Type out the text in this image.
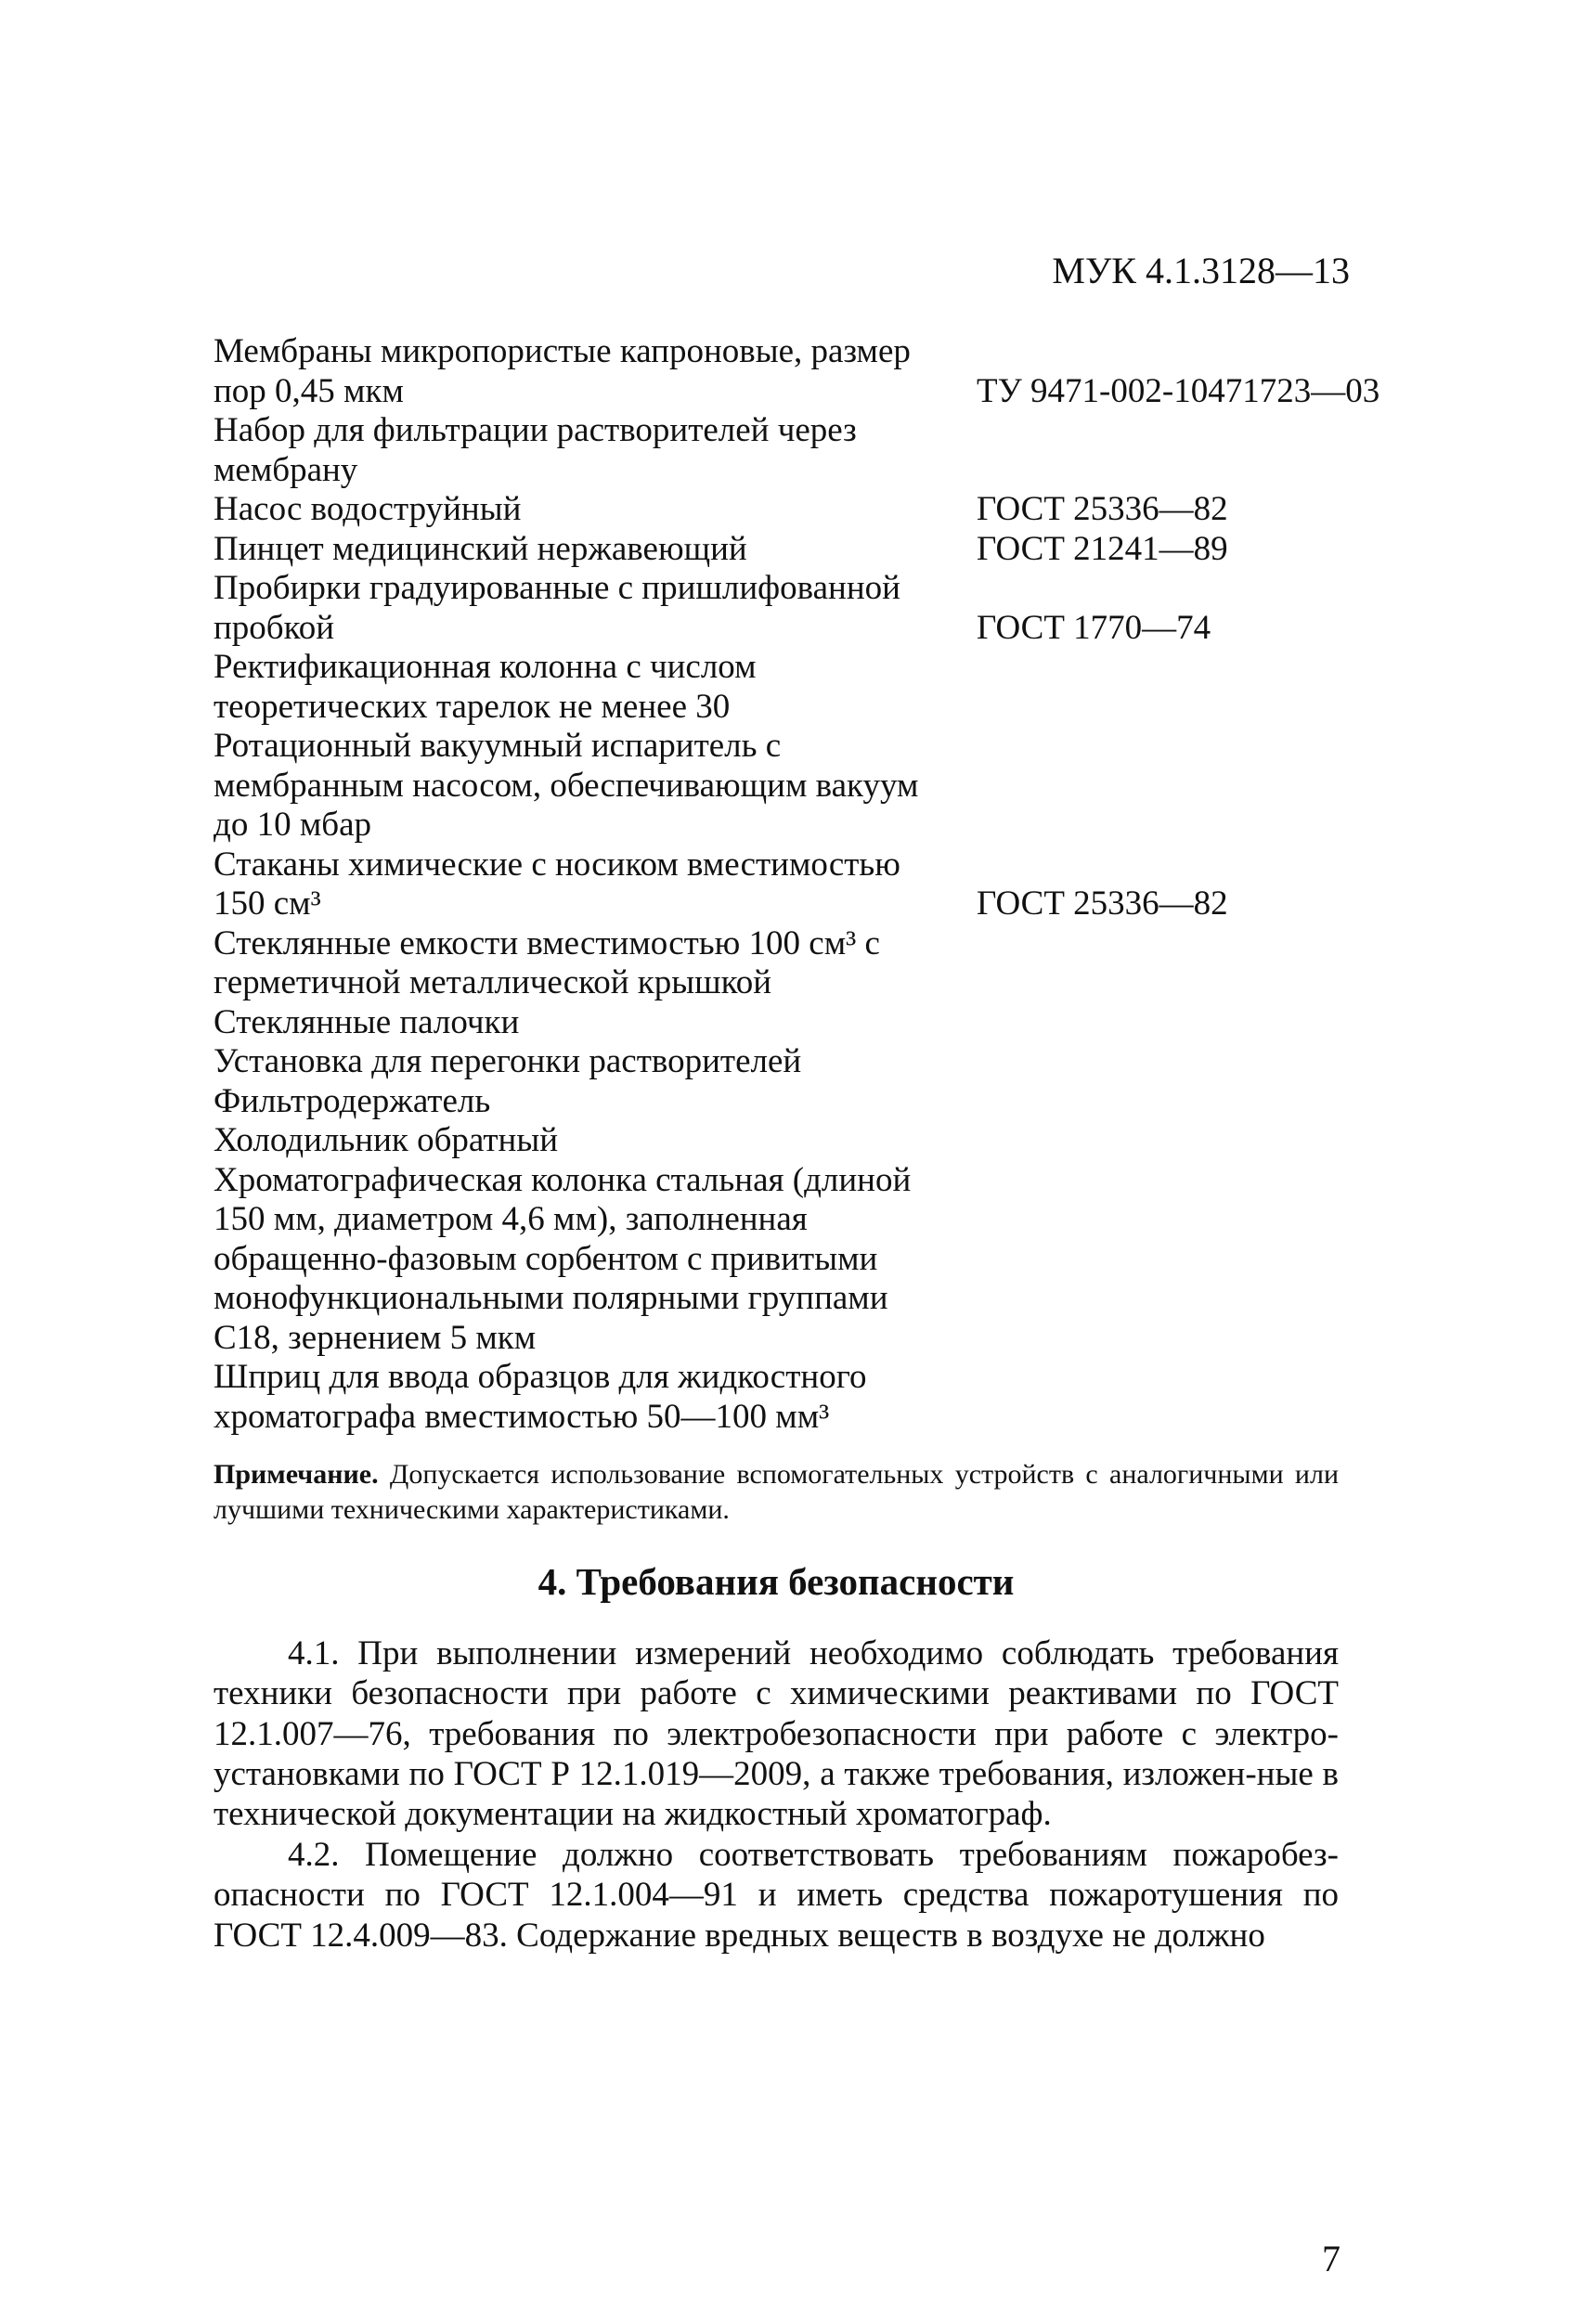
МУК 4.1.3128—13
Мембраны микропористые капроновые, размер пор 0,45 мкм	ТУ 9471-002-10471723—03
Набор для фильтрации растворителей через мембрану
Насос водоструйный	ГОСТ 25336—82
Пинцет медицинский нержавеющий	ГОСТ 21241—89
Пробирки градуированные с пришлифованной пробкой	ГОСТ 1770—74
Ректификационная колонна с числом теоретических тарелок не менее 30
Ротационный вакуумный испаритель с мембранным насосом, обеспечивающим вакуум до 10 мбар
Стаканы химические с носиком вместимостью 150 см³	ГОСТ 25336—82
Стеклянные емкости вместимостью 100 см³ с герметичной металлической крышкой
Стеклянные палочки
Установка для перегонки растворителей
Фильтродержатель
Холодильник обратный
Хроматографическая колонка стальная (длиной 150 мм, диаметром 4,6 мм), заполненная обращенно-фазовым сорбентом с привитыми монофункциональными полярными группами С18, зернением 5 мкм
Шприц для ввода образцов для жидкостного хроматографа вместимостью 50—100 мм³
Примечание. Допускается использование вспомогательных устройств с аналогичными или лучшими техническими характеристиками.
4. Требования безопасности

4.1. При выполнении измерений необходимо соблюдать требования техники безопасности при работе с химическими реактивами по ГОСТ 12.1.007—76, требования по электробезопасности при работе с электро-установками по ГОСТ Р 12.1.019—2009, а также требования, изложен-ные в технической документации на жидкостный хроматограф.

4.2. Помещение должно соответствовать требованиям пожаробез-опасности по ГОСТ 12.1.004—91 и иметь средства пожаротушения по ГОСТ 12.4.009—83. Содержание вредных веществ в воздухе не должно

7
